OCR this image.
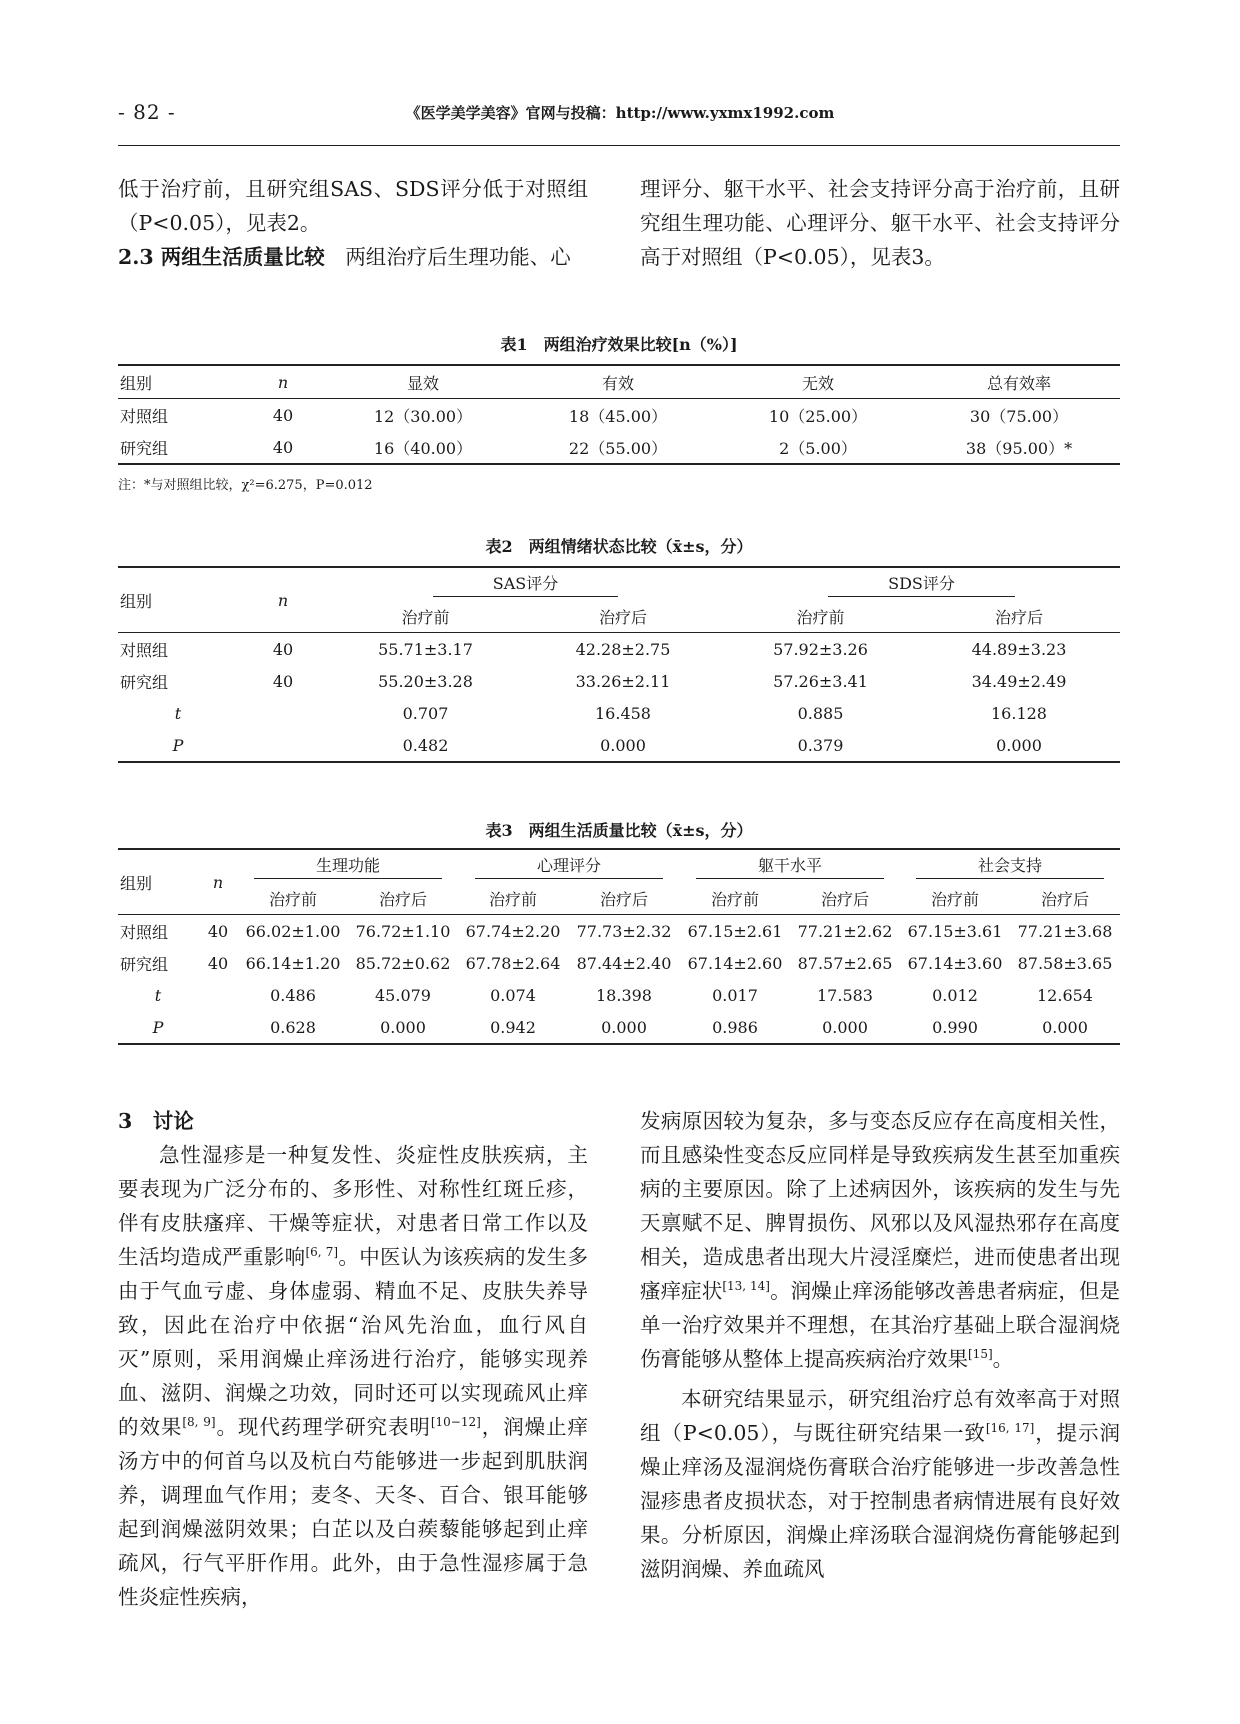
- 82 -	《医学美学美容》官网与投稿：http://www.yxmx1992.com

低于治疗前，且研究组SAS、SDS评分低于对照组（P<0.05），见表2。

2.3 两组生活质量比较　 两组治疗后生理功能、心

理评分、躯干水平、社会支持评分高于治疗前，且研究组生理功能、心理评分、躯干水平、社会支持评分高于对照组（P<0.05），见表3。

表1　两组治疗效果比较[n（%）]
组别	n	显效	有效	无效	总有效率
对照组	40	12（30.00）	18（45.00）	10（25.00）	30（75.00）
研究组	40	16（40.00）	22（55.00）	2（5.00）	38（95.00）*
注：*与对照组比较，χ²=6.275，P=0.012
表2　两组情绪状态比较（x̄±s，分）
组别	n	SAS评分		SDS评分	
		治疗前	治疗后	治疗前	治疗后
对照组	40	55.71±3.17	42.28±2.75	57.92±3.26	44.89±3.23
研究组	40	55.20±3.28	33.26±2.11	57.26±3.41	34.49±2.49
t		0.707	16.458	0.885	16.128
P		0.482	0.000	0.379	0.000
表3　两组生活质量比较（x̄±s，分）
组别	n	生理功能		心理评分		躯干水平		社会支持	
		治疗前	治疗后	治疗前	治疗后	治疗前	治疗后	治疗前	治疗后
对照组	40	66.02±1.00	76.72±1.10	67.74±2.20	77.73±2.32	67.15±2.61	77.21±2.62	67.15±3.61	77.21±3.68
研究组	40	66.14±1.20	85.72±0.62	67.78±2.64	87.44±2.40	67.14±2.60	87.57±2.65	67.14±3.60	87.58±3.65
t		0.486	45.079	0.074	18.398	0.017	17.583	0.012	12.654
P		0.628	0.000	0.942	0.000	0.986	0.000	0.990	0.000

3　讨论

急性湿疹是一种复发性、炎症性皮肤疾病，主要表现为广泛分布的、多形性、对称性红斑丘疹，伴有皮肤瘙痒、干燥等症状，对患者日常工作以及生活均造成严重影响[6, 7]。中医认为该疾病的发生多由于气血亏虚、身体虚弱、精血不足、皮肤失养导致，因此在治疗中依据“治风先治血，血行风自灭”原则，采用润燥止痒汤进行治疗，能够实现养血、滋阴、润燥之功效，同时还可以实现疏风止痒的效果[8, 9]。现代药理学研究表明[10−12]，润燥止痒汤方中的何首乌以及杭白芍能够进一步起到肌肤润养，调理血气作用；麦冬、天冬、百合、银耳能够起到润燥滋阴效果；白芷以及白蒺藜能够起到止痒疏风，行气平肝作用。此外，由于急性湿疹属于急性炎症性疾病，

发病原因较为复杂，多与变态反应存在高度相关性，而且感染性变态反应同样是导致疾病发生甚至加重疾病的主要原因。除了上述病因外，该疾病的发生与先天禀赋不足、脾胃损伤、风邪以及风湿热邪存在高度相关，造成患者出现大片浸淫糜烂，进而使患者出现瘙痒症状[13, 14]。润燥止痒汤能够改善患者病症，但是单一治疗效果并不理想，在其治疗基础上联合湿润烧伤膏能够从整体上提高疾病治疗效果[15]。

本研究结果显示，研究组治疗总有效率高于对照组（P<0.05），与既往研究结果一致[16, 17]，提示润燥止痒汤及湿润烧伤膏联合治疗能够进一步改善急性湿疹患者皮损状态，对于控制患者病情进展有良好效果。分析原因，润燥止痒汤联合湿润烧伤膏能够起到滋阴润燥、养血疏风
